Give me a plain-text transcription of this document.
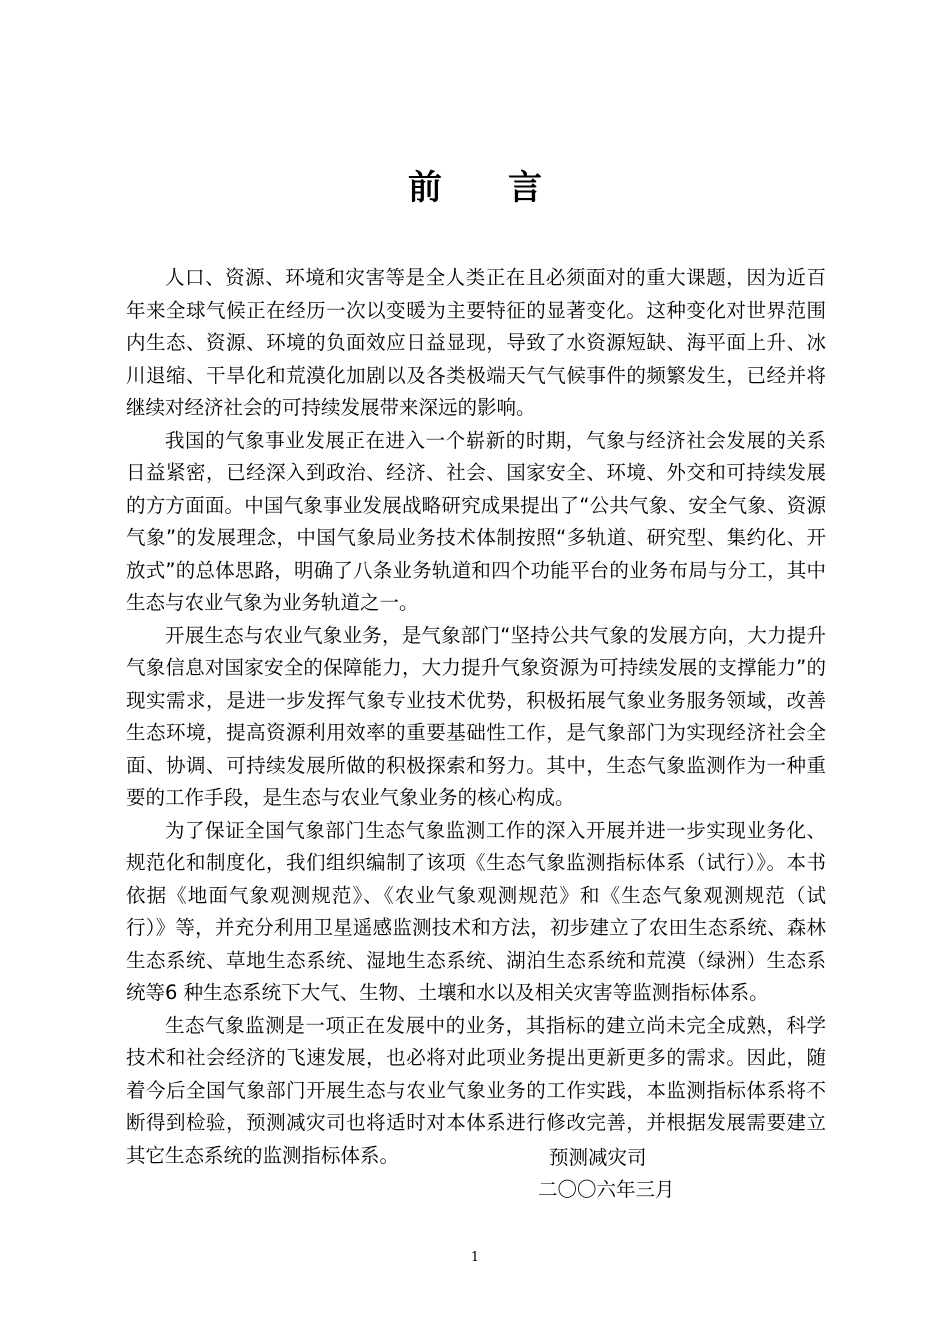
前言

人口、资源、环境和灾害等是全人类正在且必须面对的重大课题，因为近百年来全球气候正在经历一次以变暖为主要特征的显著变化。这种变化对世界范围内生态、资源、环境的负面效应日益显现，导致了水资源短缺、海平面上升、冰川退缩、干旱化和荒漠化加剧以及各类极端天气气候事件的频繁发生，已经并将继续对经济社会的可持续发展带来深远的影响。

我国的气象事业发展正在进入一个崭新的时期，气象与经济社会发展的关系日益紧密，已经深入到政治、经济、社会、国家安全、环境、外交和可持续发展的方方面面。中国气象事业发展战略研究成果提出了“公共气象、安全气象、资源气象”的发展理念，中国气象局业务技术体制按照“多轨道、研究型、集约化、开放式”的总体思路，明确了八条业务轨道和四个功能平台的业务布局与分工，其中生态与农业气象为业务轨道之一。

开展生态与农业气象业务，是气象部门“坚持公共气象的发展方向，大力提升气象信息对国家安全的保障能力，大力提升气象资源为可持续发展的支撑能力”的现实需求，是进一步发挥气象专业技术优势，积极拓展气象业务服务领域，改善生态环境，提高资源利用效率的重要基础性工作，是气象部门为实现经济社会全面、协调、可持续发展所做的积极探索和努力。其中，生态气象监测作为一种重要的工作手段，是生态与农业气象业务的核心构成。

为了保证全国气象部门生态气象监测工作的深入开展并进一步实现业务化、规范化和制度化，我们组织编制了该项《生态气象监测指标体系（试行）》。本书依据《地面气象观测规范》、《农业气象观测规范》和《生态气象观测规范（试行）》等，并充分利用卫星遥感监测技术和方法，初步建立了农田生态系统、森林生态系统、草地生态系统、湿地生态系统、湖泊生态系统和荒漠（绿洲）生态系统等6 种生态系统下大气、生物、土壤和水以及相关灾害等监测指标体系。

生态气象监测是一项正在发展中的业务，其指标的建立尚未完全成熟，科学技术和社会经济的飞速发展，也必将对此项业务提出更新更多的需求。因此，随着今后全国气象部门开展生态与农业气象业务的工作实践，本监测指标体系将不断得到检验，预测减灾司也将适时对本体系进行修改完善，并根据发展需要建立其它生态系统的监测指标体系。	预测减灾司
二〇〇六年三月
1
